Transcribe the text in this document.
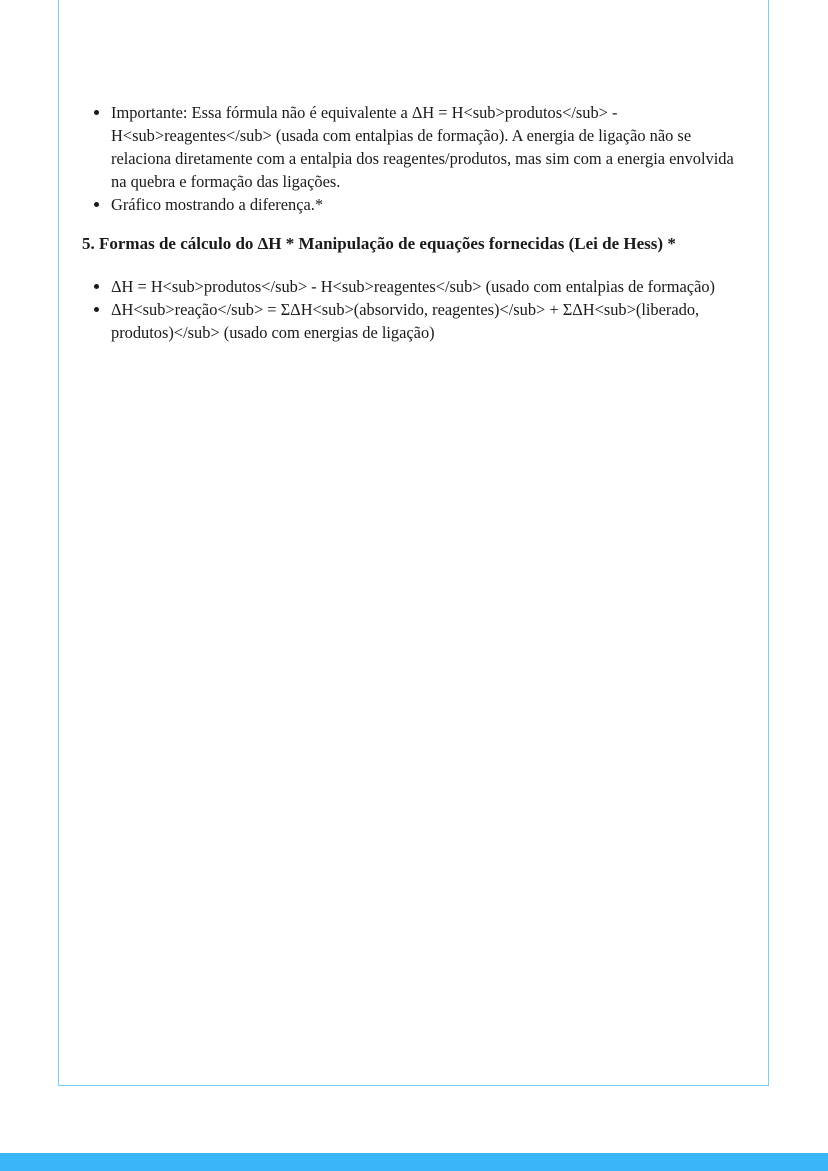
• Importante: Essa fórmula não é equivalente a ΔH = H<sub>produtos</sub> - H<sub>reagentes</sub> (usada com entalpias de formação). A energia de ligação não se relaciona diretamente com a entalpia dos reagentes/produtos, mas sim com a energia envolvida na quebra e formação das ligações.
• Gráfico mostrando a diferença.*
5. Formas de cálculo do ΔH * Manipulação de equações fornecidas (Lei de Hess) *
• ΔH = H<sub>produtos</sub> - H<sub>reagentes</sub> (usado com entalpias de formação)
• ΔH<sub>reação</sub> = ΣΔH<sub>(absorvido, reagentes)</sub> + ΣΔH<sub>(liberado, produtos)</sub> (usado com energias de ligação)
